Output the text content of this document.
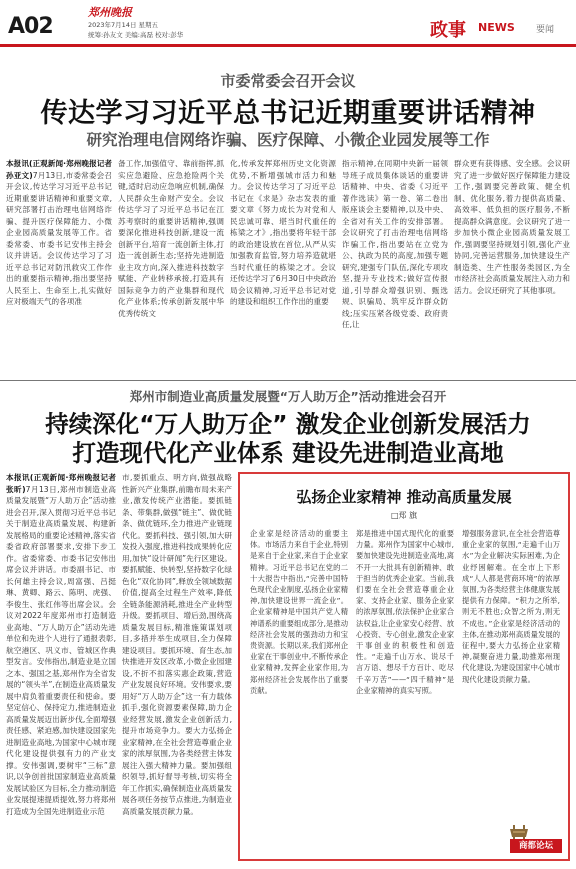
A02
郑州晚报
2023年7月14日 星期五
统筹:孙友文 美编:高磊 校对:彭华	政事 NEWS 要闻
市委常委会召开会议
传达学习习近平总书记近期重要讲话精神
研究治理电信网络诈骗、医疗保障、小微企业园发展等工作
本报讯(正观新闻·郑州晚报记者 孙亚文)7月13日,市委常委会召开会议,传达学习习近平总书记近期重要讲话精神和重要文章,研究部署打击治理电信网络诈骗、提升医疗保障能力、小微企业园高质量发展等工作。省委常委、市委书记安伟主持会议并讲话。会议传达学习了习近平总书记对防汛救灾工作作出的重要指示精神,指出要坚持人民至上、生命至上,扎实做好应对极端天气的各项准
备工作,加强值守、靠前指挥,抓实应急避险、应急抢险两个关键,适时启动应急响应机制,确保人民群众生命财产安全。会议传达学习了习近平总书记在江苏考察时的重要讲话精神,强调要深化推进科技创新,建设一流创新平台,培育一流创新主体,打造一流创新生态;坚持先进制造业主攻方向,深入推进科技数字赋能、产业转移承接,打造具有国际竞争力的产业集群和现代化产业体系;传承创新发展中华优秀传统文
化,传承发挥郑州历史文化资源优势,不断增强城市活力和魅力。会议传达学习了习近平总书记在《求是》杂志发表的重要文章《努力成长为对党和人民忠诚可靠、堪当时代重任的栋梁之才》,指出要将年轻干部的政治建设放在首位,从严从实加强教育监管,努力培养造就堪当时代重任的栋梁之才。会议还传达学习了6月30日中央政治局会议精神,习近平总书记对党的建设和组织工作作出的重要
指示精神,在同期中央新一届领导班子成员集体谈话的重要讲话精神、中央、省委《习近平著作选读》第一卷、第二卷出版座谈会主要精神,以及中央、全省对有关工作的安排部署。会议研究了打击治理电信网络诈骗工作,指出要站在立党为公、执政为民的高度,加强专题研究,建强专门队伍,深化专项攻坚,提升专业技术;做好宣传报道,引导群众增强识别、甄选规、识骗局、筑牢反诈群众防线;压实压紧各级党委、政府责任,让
群众更有获得感、安全感。会议研究了进一步做好医疗保障能力建设工作,强调要完善政策、健全机制、优化服务,着力提供高质量、高效率、低负担的医疗服务,不断提高群众满意度。会议研究了进一步加快小微企业园高质量发展工作,强调要坚持规划引领,强化产业协同,完善运营服务,加快建设生产制造类、生产性服务类园区,为全市经济社会高质量发展注入动力和活力。会议还研究了其他事项。
郑州市制造业高质量发展暨“万人助万企”活动推进会召开
持续深化“万人助万企” 激发企业创新发展活力
打造现代化产业体系 建设先进制造业高地
本报讯(正观新闻·郑州晚报记者 张昕)7月13日,郑州市制造业高质量发展暨“万人助万企”活动推进会召开,深入贯彻习近平总书记关于制造业高质量发展、构建新发展格局的重要论述精神,落实省委省政府部署要求,安排下步工作。省委常委、市委书记安伟出席会议并讲话。市委副书记、市长何雄主持会议,周富强、吕挺琳、黄卿、路云、陈明、虎强、李俊生、张红伟等出席会议。会议对2022年度郑州市打造制造业高地、“万人助万企”活动先进单位和先进个人进行了通报表彰,航空港区、巩义市、管城区作典型发言。安伟指出,制造业是立国之本、强国之基,郑州作为全省发展的“领头羊”,在制造业高质量发展中肩负着重要责任和使命。要坚定信心、保持定力,推进制造业高质量发展迈出新步伐,全面增强责任感、紧迫感,加快建设国家先进制造业高地,为国家中心城市现代化建设提供强有力的产业支撑。安伟强调,要树牢“三标”意识,以争创首批国家制造业高质量发展试验区为目标,全力推动制造业发展提速提质提效,努力将郑州打造成为全国先进制造业示范
市,要抓重点、明方向,做强战略性新兴产业集群,前瞻布局未来产业,激发传统产业潜能。要抓链条、带集群,做强“链主”、做优链条、做优链环,全力推进产业链现代化。要抓科技、强引领,加大研发投入强度,推进科技成果转化应用,加快“设计研闻”先行区建设。要抓赋能、快转型,坚持数字化绿色化“双化协同”,释放全领域数据价值,提高全过程生产效率,降低全链条能源消耗,推进全产业转型升级。要抓项目、增后劲,围绕高质量发展目标,精准施策谋划项目,多措并举生成项目,全力保障建设项目。要抓环境、育生态,加快推进开发区改革,小微企业园建设,不折不扣落实惠企政策,营造产业发展良好环境。安伟要求,要用好“万人助万企”这一有力载体抓手,强化资源要素保障,助力企业经营发展,激发企业创新活力,提升市场竞争力。要大力弘扬企业家精神,在全社会营造尊重企业家的浓厚氛围,为各类经营主体发展注入强大精神力量。要加强组织领导,抓好督导考核,切实将全年工作抓实,确保制造业高质量发展各项任务按节点推进,为制造业高质量发展贡献力量。
弘扬企业家精神 推动高质量发展
□郑 旗
企业家是经济活动的重要主体。市场活力来自于企业,特别是来自于企业家,来自于企业家精神。习近平总书记在党的二十大报告中指出,“完善中国特色现代企业制度,弘扬企业家精神,加快建设世界一流企业”。企业家精神是中国共产党人精神谱系的重要组成部分,是推动经济社会发展的强劲动力和宝贵资源。长期以来,我们郑州企业家在干事创业中,不断传承企业家精神,发挥企业家作用,为郑州经济社会发展作出了重要贡献。
郑是推进中国式现代化的重要力量。郑州作为国家中心城市,要加快建设先进制造业高地,离不开一大批具有创新精神、敢于担当的优秀企业家。当前,我们要在全社会营造尊重企业家、支持企业家、服务企业家的浓厚氛围,依法保护企业家合法权益,让企业家安心经营、放心投资、专心创业,激发企业家干事创业的积极性和创造性。“走遍千山万水、说尽千言万语、想尽千方百计、吃尽千辛万苦”——“四千精神”是企业家精神的真实写照。
增强服务意识,在全社会营造尊重企业家的氛围,“走遍千山万水”为企业解决实际困难,为企业纾困解难。在全市上下形成“人人都是营商环境”的浓厚氛围,为各类经营主体健康发展提供有力保障。“积力之所举,则无不胜也;众智之所为,则无不成也。”企业家是经济活动的主体,在推动郑州高质量发展的征程中,要大力弘扬企业家精神,凝聚奋进力量,助推郑州现代化建设,为建设国家中心城市现代化建设贡献力量。
商都论坛
